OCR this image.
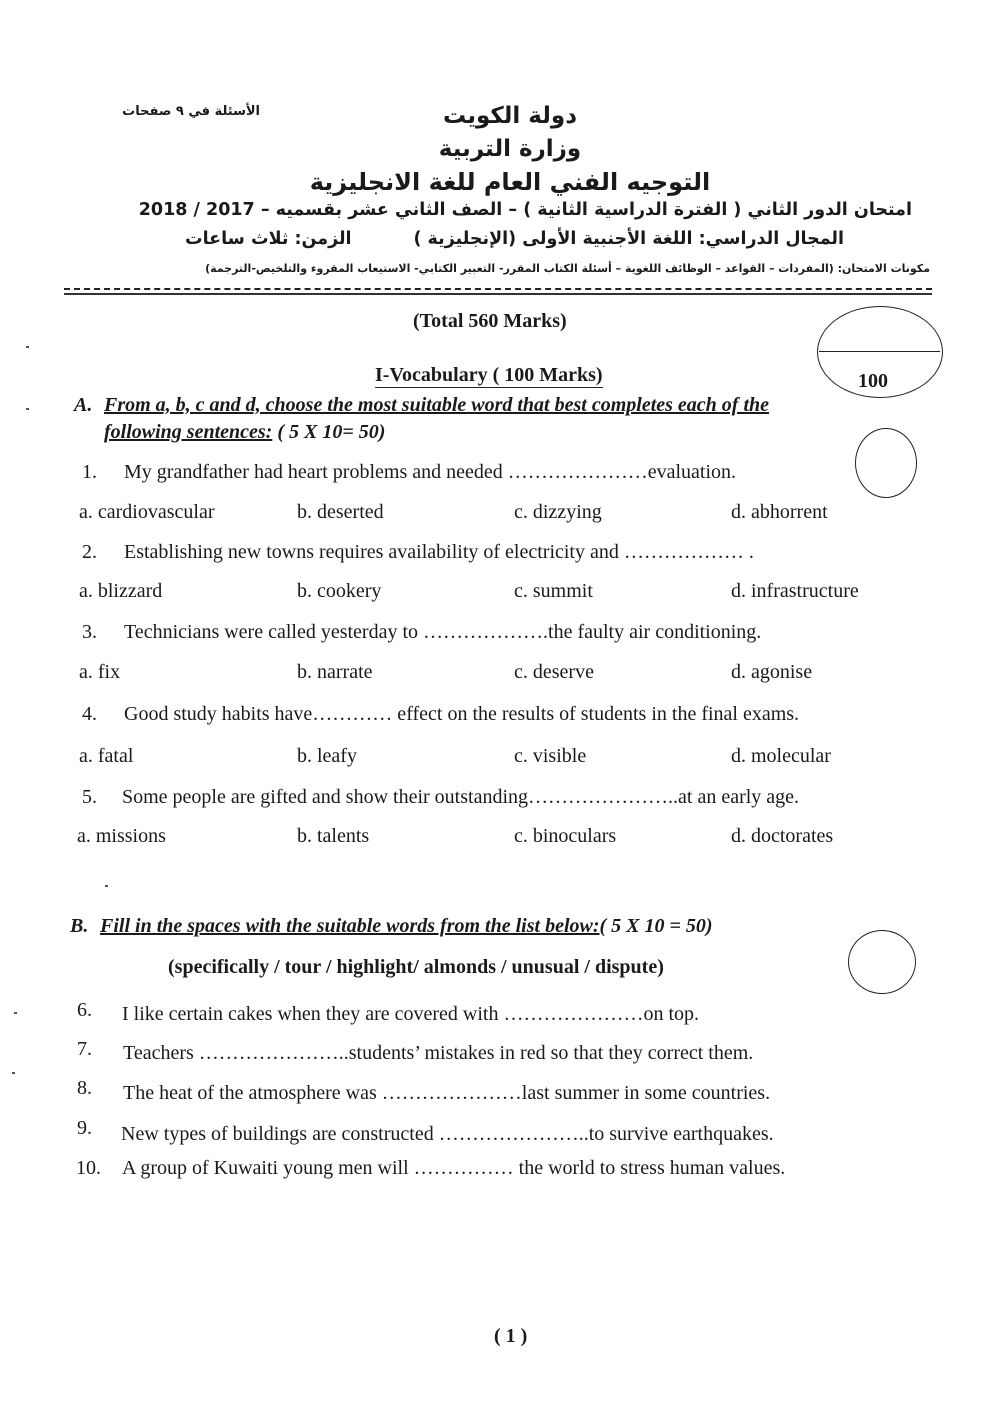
دولة الكويت
وزارة التربية
التوجيه الفني العام للغة الانجليزية
الأسئلة في ٩ صفحات
امتحان الدور الثاني ( الفترة الدراسية الثانية ) – الصف الثاني عشر بقسميه – 2017 / 2018
المجال الدراسي: اللغة الأجنبية الأولى (الإنجليزية )
الزمن: ثلاث ساعات
مكونات الامتحان: (المفردات – القواعد – الوظائف اللغوية – أسئلة الكتاب المقرر- التعبير الكتابي- الاستيعاب المقروء والتلخيص-الترجمة)
(Total 560 Marks)
100
I-Vocabulary ( 100 Marks)
A. From a, b, c and d, choose the most suitable word that best completes each of the
following sentences: ( 5 X 10= 50)
1. My grandfather had heart problems and needed …………………evaluation.
a. cardiovascular	b. deserted	c. dizzying	d. abhorrent
2. Establishing new towns requires availability of electricity and ……………… .
a. blizzard	b. cookery	c. summit	d. infrastructure
3. Technicians were called yesterday to ……………….the faulty air conditioning.
a. fix	b. narrate	c. deserve	d. agonise
4. Good study habits have………… effect on the results of students in the final exams.
a. fatal	b. leafy	c. visible	d. molecular
5. Some people are gifted and show their outstanding…………………..at an early age.
a. missions	b. talents	c. binoculars	d. doctorates
B. Fill in the spaces with the suitable words from the list below:( 5 X 10 = 50)
(specifically / tour / highlight/ almonds / unusual / dispute)
6. I like certain cakes when they are covered with …………………on top.
7. Teachers …………………..students’ mistakes in red so that they correct them.
8. The heat of the atmosphere was …………………last summer in some countries.
9. New types of buildings are constructed …………………..to survive earthquakes.
10. A group of Kuwaiti young men will …………… the world to stress human values.
( 1 )
